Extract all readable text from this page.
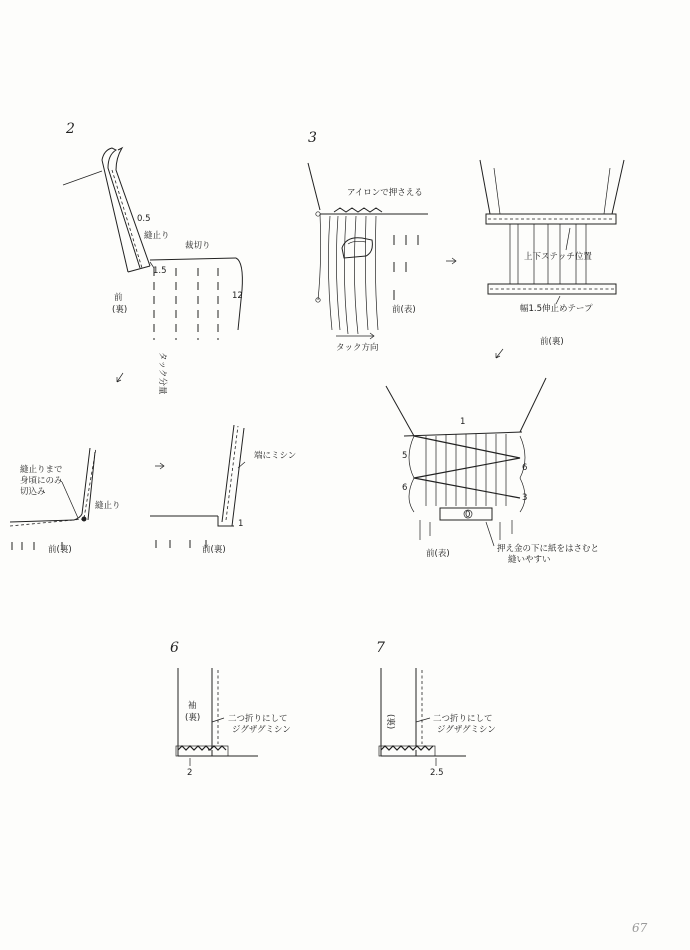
2
0.5
縫止り
裁切り
1.5
12
前 (裏)
タック分量
縫止りまで 身頃にのみ 切込み
縫止り
前(裏)
端にミシン
1
前(裏)
3
アイロンで押さえる
前(表)
タック方向
上下ステッチ位置
幅1.5伸止めテープ
前(裏)
1
5
6
6
3
0
前(表)	押え金の下に紙をはさむと 縫いやすい
6
袖 (裏)	二つ折りにして ジグザグミシン
2
7
(裏)	二つ折りにして ジグザグミシン
2.5
67
